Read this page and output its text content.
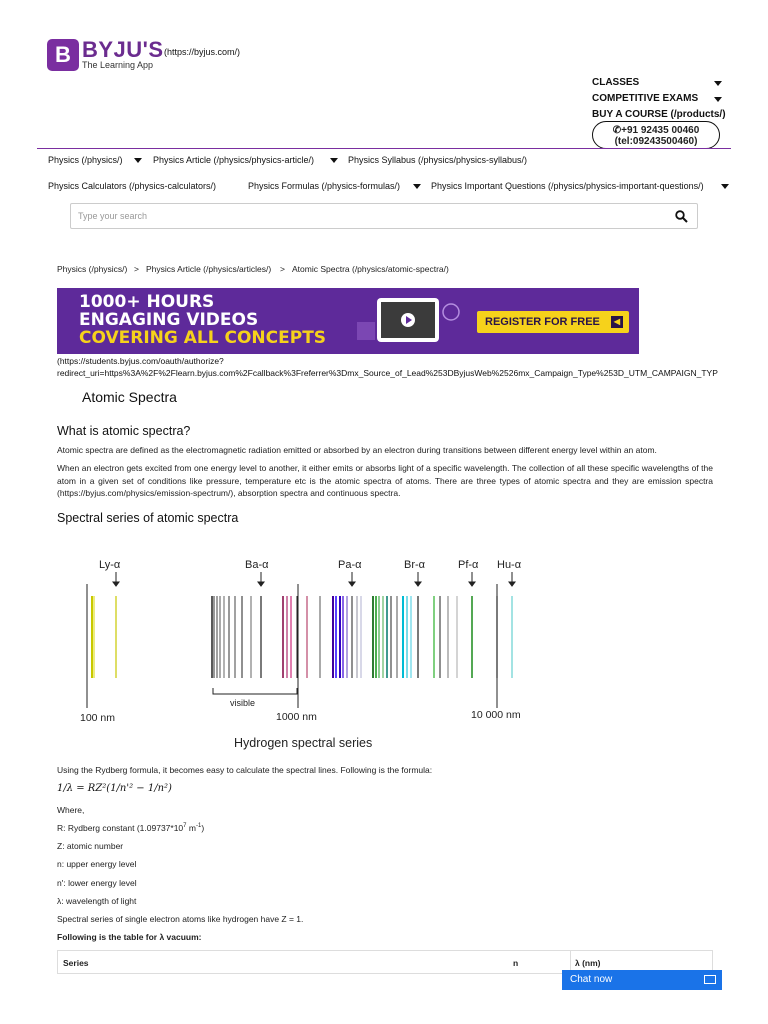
B BYJU'S (https://byjus.com/)
The Learning App
CLASSES
COMPETITIVE EXAMS
BUY A COURSE (/products/)
✆+91 92435 00460
(tel:09243500460)
Physics (/physics/)	Physics Article (/physics/physics-article/)	Physics Syllabus (/physics/physics-syllabus/)
Physics Calculators (/physics-calculators/)	Physics Formulas (/physics-formulas/)	Physics Important Questions (/physics/physics-important-questions/)
Type your search
Physics (/physics/) > Physics Article (/physics/articles/) > Atomic Spectra (/physics/atomic-spectra/)
1000+ HOURS
ENGAGING VIDEOS
COVERING ALL CONCEPTS
REGISTER FOR FREE	◀
(https://students.byjus.com/oauth/authorize?
redirect_uri=https%3A%2F%2Flearn.byjus.com%2Fcallback%3Freferrer%3Dmx_Source_of_Lead%253DByjusWeb%2526mx_Campaign_Type%253D_UTM_CAMPAIGN_TYP
Atomic Spectra
What is atomic spectra?
Atomic spectra are defined as the electromagnetic radiation emitted or absorbed by an electron during transitions between different energy level within an atom.
When an electron gets excited from one energy level to another, it either emits or absorbs light of a specific wavelength. The collection of all these specific wavelengths of the atom in a given set of conditions like pressure, temperature etc is the atomic spectra of atoms. There are three types of atomic spectra and they are emission spectra (https://byjus.com/physics/emission-spectrum/), absorption spectra and continuous spectra.
Spectral series of atomic spectra
Ly-α	Ba-α	Pa-α	Br-α	Pf-α Hu-α
visible
100 nm	1000 nm	10 000 nm
Hydrogen spectral series
Using the Rydberg formula, it becomes easy to calculate the spectral lines. Following is the formula:
1/λ = RZ²(1/n'² − 1/n²)
Where,
R: Rydberg constant ($1.09737*10^7$ $m^{-1}$)
Z: atomic number
n: upper energy level
n': lower energy level
λ: wavelength of light
Spectral series of single electron atoms like hydrogen have Z = 1.
Following is the table for λ vacuum:
Series	n	λ (nm)
Chat now
